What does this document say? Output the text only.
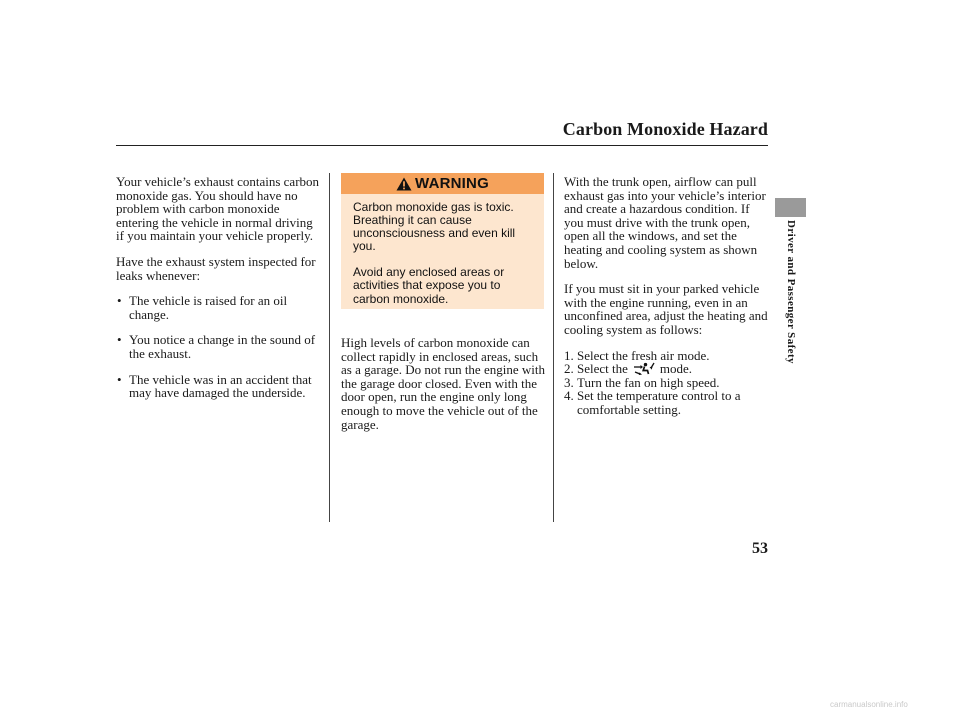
Carbon Monoxide Hazard

Your vehicle’s exhaust contains carbon monoxide gas. You should have no problem with carbon monoxide entering the vehicle in normal driving if you maintain your vehicle properly.

Have the exhaust system inspected for leaks whenever:

• The vehicle is raised for an oil change.
• You notice a change in the sound of the exhaust.
• The vehicle was in an accident that may have damaged the underside.
WARNING

Carbon monoxide gas is toxic. Breathing it can cause unconsciousness and even kill you.

Avoid any enclosed areas or activities that expose you to carbon monoxide.

High levels of carbon monoxide can collect rapidly in enclosed areas, such as a garage. Do not run the engine with the garage door closed. Even with the door open, run the engine only long enough to move the vehicle out of the garage.

With the trunk open, airflow can pull exhaust gas into your vehicle’s interior and create a hazardous condition. If you must drive with the trunk open, open all the windows, and set the heating and cooling system as shown below.

If you must sit in your parked vehicle with the engine running, even in an unconfined area, adjust the heating and cooling system as follows:

1. Select the fresh air mode.
2. Select the mode.
3. Turn the fan on high speed.
4. Set the temperature control to a comfortable setting.
Driver and Passenger Safety
53
carmanualsonline.info
